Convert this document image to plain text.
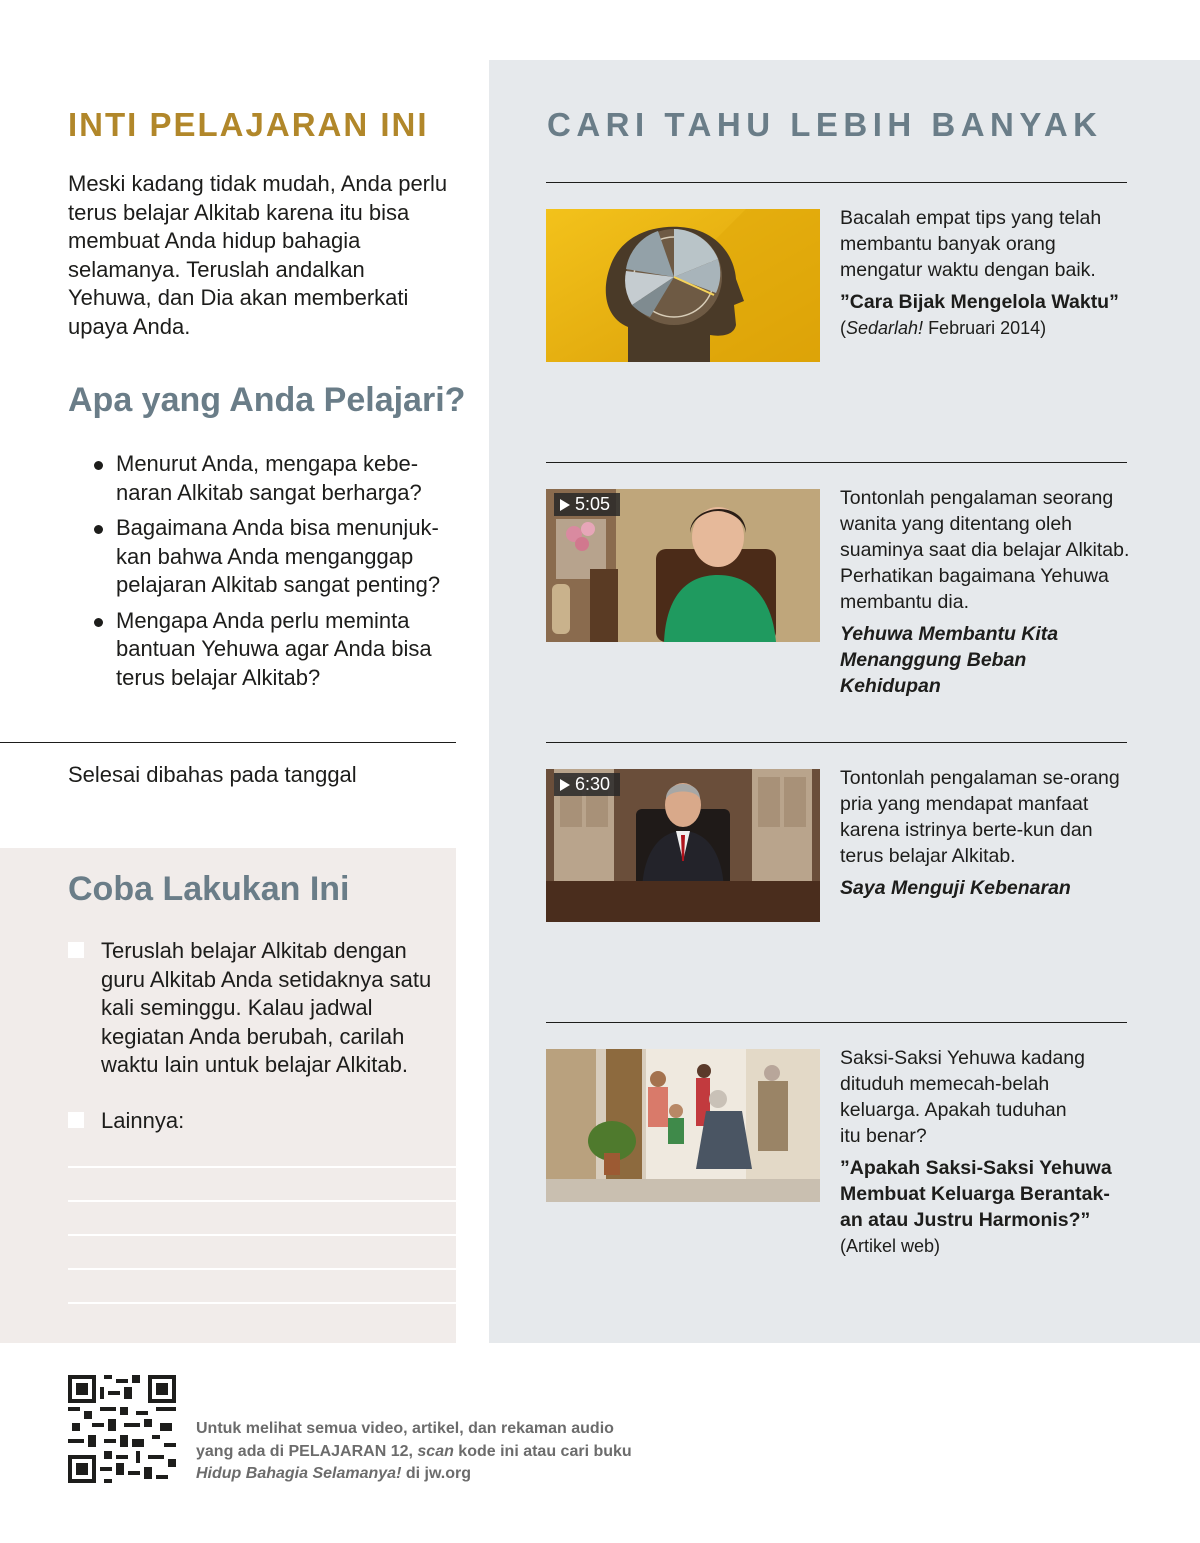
INTI PELAJARAN INI

Meski kadang tidak mudah, Anda perlu terus belajar Alkitab karena itu bisa membuat Anda hidup bahagia selamanya. Teruslah andalkan Yehuwa, dan Dia akan memberkati upaya Anda.

Apa yang Anda Pelajari?
Menurut Anda, mengapa kebe-naran Alkitab sangat berharga?
Bagaimana Anda bisa menunjuk-kan bahwa Anda menganggap pelajaran Alkitab sangat penting?
Mengapa Anda perlu meminta bantuan Yehuwa agar Anda bisa terus belajar Alkitab?
Selesai dibahas pada tanggal
Coba Lakukan Ini
Teruslah belajar Alkitab dengan guru Alkitab Anda setidaknya satu kali seminggu. Kalau jadwal kegiatan Anda berubah, carilah waktu lain untuk belajar Alkitab.
Lainnya:
CARI TAHU LEBIH BANYAK
Bacalah empat tips yang telah membantu banyak orang mengatur waktu dengan baik.
”Cara Bijak Mengelola Waktu”
(Sedarlah! Februari 2014)
5:05	Tontonlah pengalaman seorang wanita yang ditentang oleh suaminya saat dia belajar Alkitab. Perhatikan bagaimana Yehuwa membantu dia.
Yehuwa Membantu Kita Menanggung Beban Kehidupan
6:30	Tontonlah pengalaman se-orang pria yang mendapat manfaat karena istrinya berte-kun dan terus belajar Alkitab.
Saya Menguji Kebenaran
Saksi-Saksi Yehuwa kadang dituduh memecah-belah keluarga. Apakah tuduhan itu benar?
”Apakah Saksi-Saksi Yehuwa Membuat Keluarga Berantak-an atau Justru Harmonis?”
(Artikel web)
Untuk melihat semua video, artikel, dan rekaman audio
yang ada di PELAJARAN 12, scan kode ini atau cari buku
Hidup Bahagia Selamanya! di jw.org
